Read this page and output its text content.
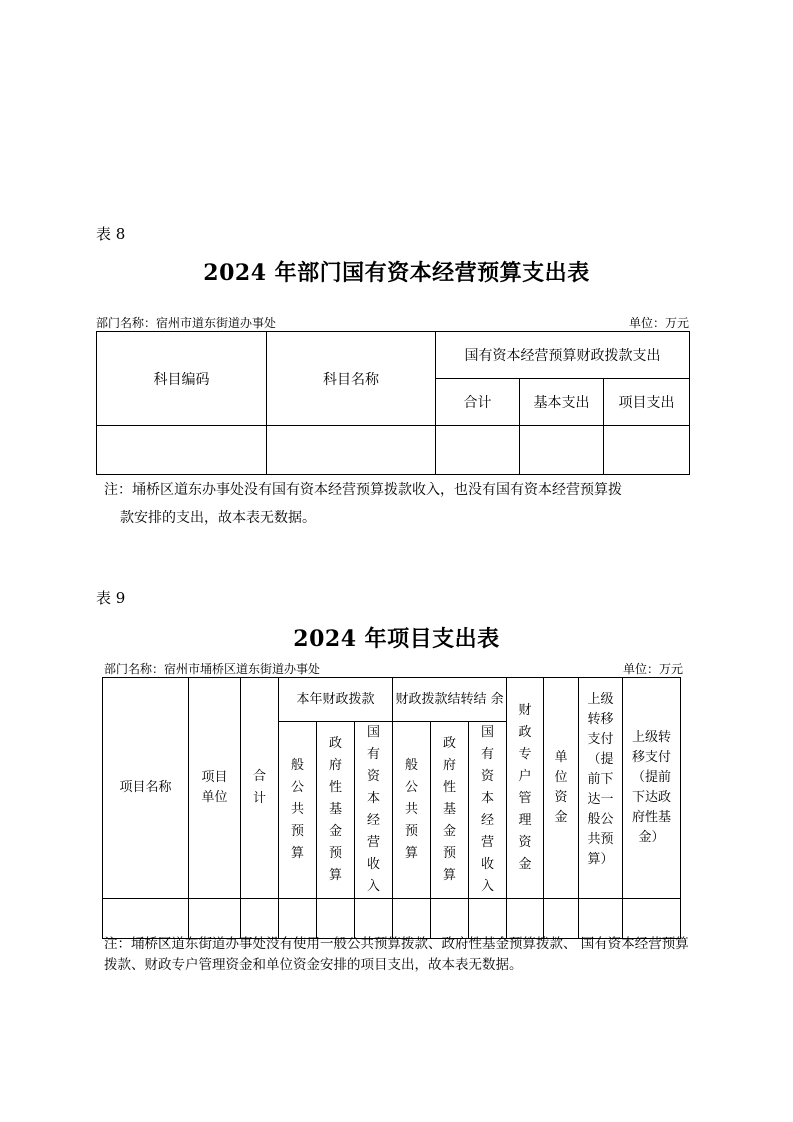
表 8
2024 年部门国有资本经营预算支出表
部门名称：宿州市道东街道办事处	单位：万元
科目编码	科目名称	国有资本经营预算财政拨款支出		
		合计	基本支出	项目支出

注：埇桥区道东办事处没有国有资本经营预算拨款收入，也没有国有资本经营预算拨
款安排的支出，故本表无数据。
表 9
2024 年项目支出表
部门名称：宿州市埇桥区道东街道办事处	单位：万元
项目名称	项目 单位	合计	本年财政拨款			财政拨款结转结 余			财政专户管理资金	单 位 资 金	上级转移支付（提前下达一般公共预算）	上级转移支付（提前下达政府性基金）
			般公共预算	政府性基金预算	国有资本经营收入	般公共预算	政府性基金预算	国有资本经营收入				

注：埇桥区道东街道办事处没有使用一般公共预算拨款、政府性基金预算拨款、 国有资本经营预算拨款、财政专户管理资金和单位资金安排的项目支出，故本表无数据。
